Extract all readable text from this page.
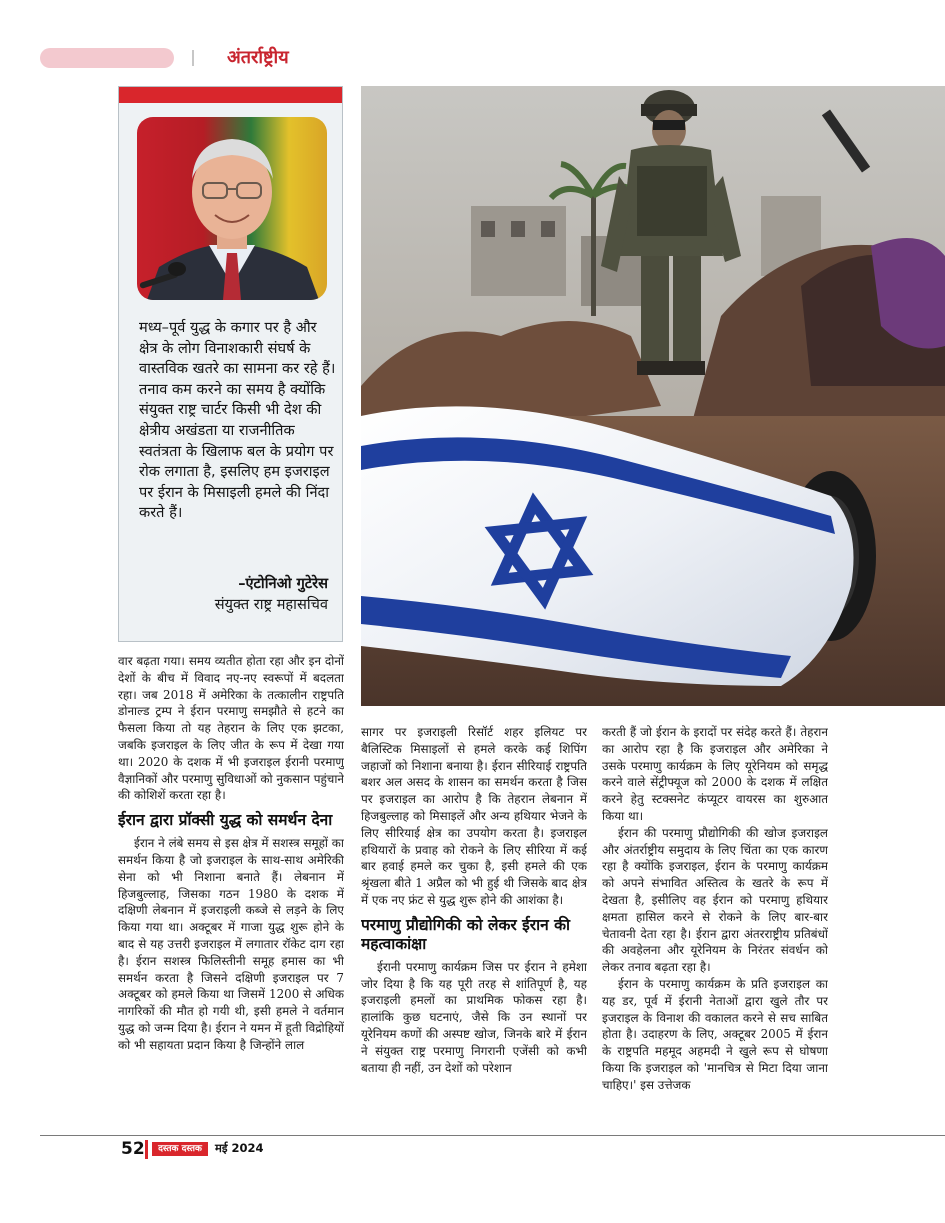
अंतर्राष्ट्रीय
मध्य–पूर्व युद्ध के कगार पर है और क्षेत्र के लोग विनाशकारी संघर्ष के वास्तविक खतरे का सामना कर रहे हैं। तनाव कम करने का समय है क्योंकि संयुक्त राष्ट्र चार्टर किसी भी देश की क्षेत्रीय अखंडता या राजनीतिक स्वतंत्रता के खिलाफ बल के प्रयोग पर रोक लगाता है, इसलिए हम इजराइल पर ईरान के मिसाइली हमले की निंदा करते हैं।
–एंटोनिओ गुटेरेस
संयुक्त राष्ट्र महासचिव

वार बढ़ता गया। समय व्यतीत होता रहा और इन दोनों देशों के बीच में विवाद नए-नए स्वरूपों में बदलता रहा। जब 2018 में अमेरिका के तत्कालीन राष्ट्रपति डोनाल्ड ट्रम्प ने ईरान परमाणु समझौते से हटने का फैसला किया तो यह तेहरान के लिए एक झटका, जबकि इजराइल के लिए जीत के रूप में देखा गया था। 2020 के दशक में भी इजराइल ईरानी परमाणु वैज्ञानिकों और परमाणु सुविधाओं को नुकसान पहुंचाने की कोशिशें करता रहा है।

ईरान द्वारा प्रॉक्सी युद्ध को समर्थन देना

ईरान ने लंबे समय से इस क्षेत्र में सशस्त्र समूहों का समर्थन किया है जो इजराइल के साथ-साथ अमेरिकी सेना को भी निशाना बनाते हैं। लेबनान में हिजबुल्लाह, जिसका गठन 1980 के दशक में दक्षिणी लेबनान में इजराइली कब्जे से लड़ने के लिए किया गया था। अक्टूबर में गाजा युद्ध शुरू होने के बाद से यह उत्तरी इजराइल में लगातार रॉकेट दाग रहा है। ईरान सशस्त्र फिलिस्तीनी समूह हमास का भी समर्थन करता है जिसने दक्षिणी इजराइल पर 7 अक्टूबर को हमले किया था जिसमें 1200 से अधिक नागरिकों की मौत हो गयी थी, इसी हमले ने वर्तमान युद्ध को जन्म दिया है। ईरान ने यमन में हूती विद्रोहियों को भी सहायता प्रदान किया है जिन्होंने लाल

सागर पर इजराइली रिसॉर्ट शहर इलियट पर बैलिस्टिक मिसाइलों से हमले करके कई शिपिंग जहाजों को निशाना बनाया है। ईरान सीरियाई राष्ट्रपति बशर अल असद के शासन का समर्थन करता है जिस पर इजराइल का आरोप है कि तेहरान लेबनान में हिजबुल्लाह को मिसाइलें और अन्य हथियार भेजने के लिए सीरियाई क्षेत्र का उपयोग करता है। इजराइल हथियारों के प्रवाह को रोकने के लिए सीरिया में कई बार हवाई हमले कर चुका है, इसी हमले की एक श्रृंखला बीते 1 अप्रैल को भी हुई थी जिसके बाद क्षेत्र में एक नए फ्रंट से युद्ध शुरू होने की आशंका है।

परमाणु प्रौद्योगिकी को लेकर ईरान की महत्वाकांक्षा

ईरानी परमाणु कार्यक्रम जिस पर ईरान ने हमेशा जोर दिया है कि यह पूरी तरह से शांतिपूर्ण है, यह इजराइली हमलों का प्राथमिक फोकस रहा है। हालांकि कुछ घटनाएं, जैसे कि उन स्थानों पर यूरेनियम कणों की अस्पष्ट खोज, जिनके बारे में ईरान ने संयुक्त राष्ट्र परमाणु निगरानी एजेंसी को कभी बताया ही नहीं, उन देशों को परेशान

करती हैं जो ईरान के इरादों पर संदेह करते हैं। तेहरान का आरोप रहा है कि इजराइल और अमेरिका ने उसके परमाणु कार्यक्रम के लिए यूरेनियम को समृद्ध करने वाले सेंट्रीफ्यूज को 2000 के दशक में लक्षित करने हेतु स्टक्सनेट कंप्यूटर वायरस का शुरुआत किया था।

ईरान की परमाणु प्रौद्योगिकी की खोज इजराइल और अंतर्राष्ट्रीय समुदाय के लिए चिंता का एक कारण रहा है क्योंकि इजराइल, ईरान के परमाणु कार्यक्रम को अपने संभावित अस्तित्व के खतरे के रूप में देखता है, इसीलिए वह ईरान को परमाणु हथियार क्षमता हासिल करने से रोकने के लिए बार-बार चेतावनी देता रहा है। ईरान द्वारा अंतरराष्ट्रीय प्रतिबंधों की अवहेलना और यूरेनियम के निरंतर संवर्धन को लेकर तनाव बढ़ता रहा है।

ईरान के परमाणु कार्यक्रम के प्रति इजराइल का यह डर, पूर्व में ईरानी नेताओं द्वारा खुले तौर पर इजराइल के विनाश की वकालत करने से सच साबित होता है। उदाहरण के लिए, अक्टूबर 2005 में ईरान के राष्ट्रपति महमूद अहमदी ने खुले रूप से घोषणा किया कि इजराइल को 'मानचित्र से मिटा दिया जाना चाहिए।' इस उत्तेजक

52	दस्तक दस्तक	मई 2024
